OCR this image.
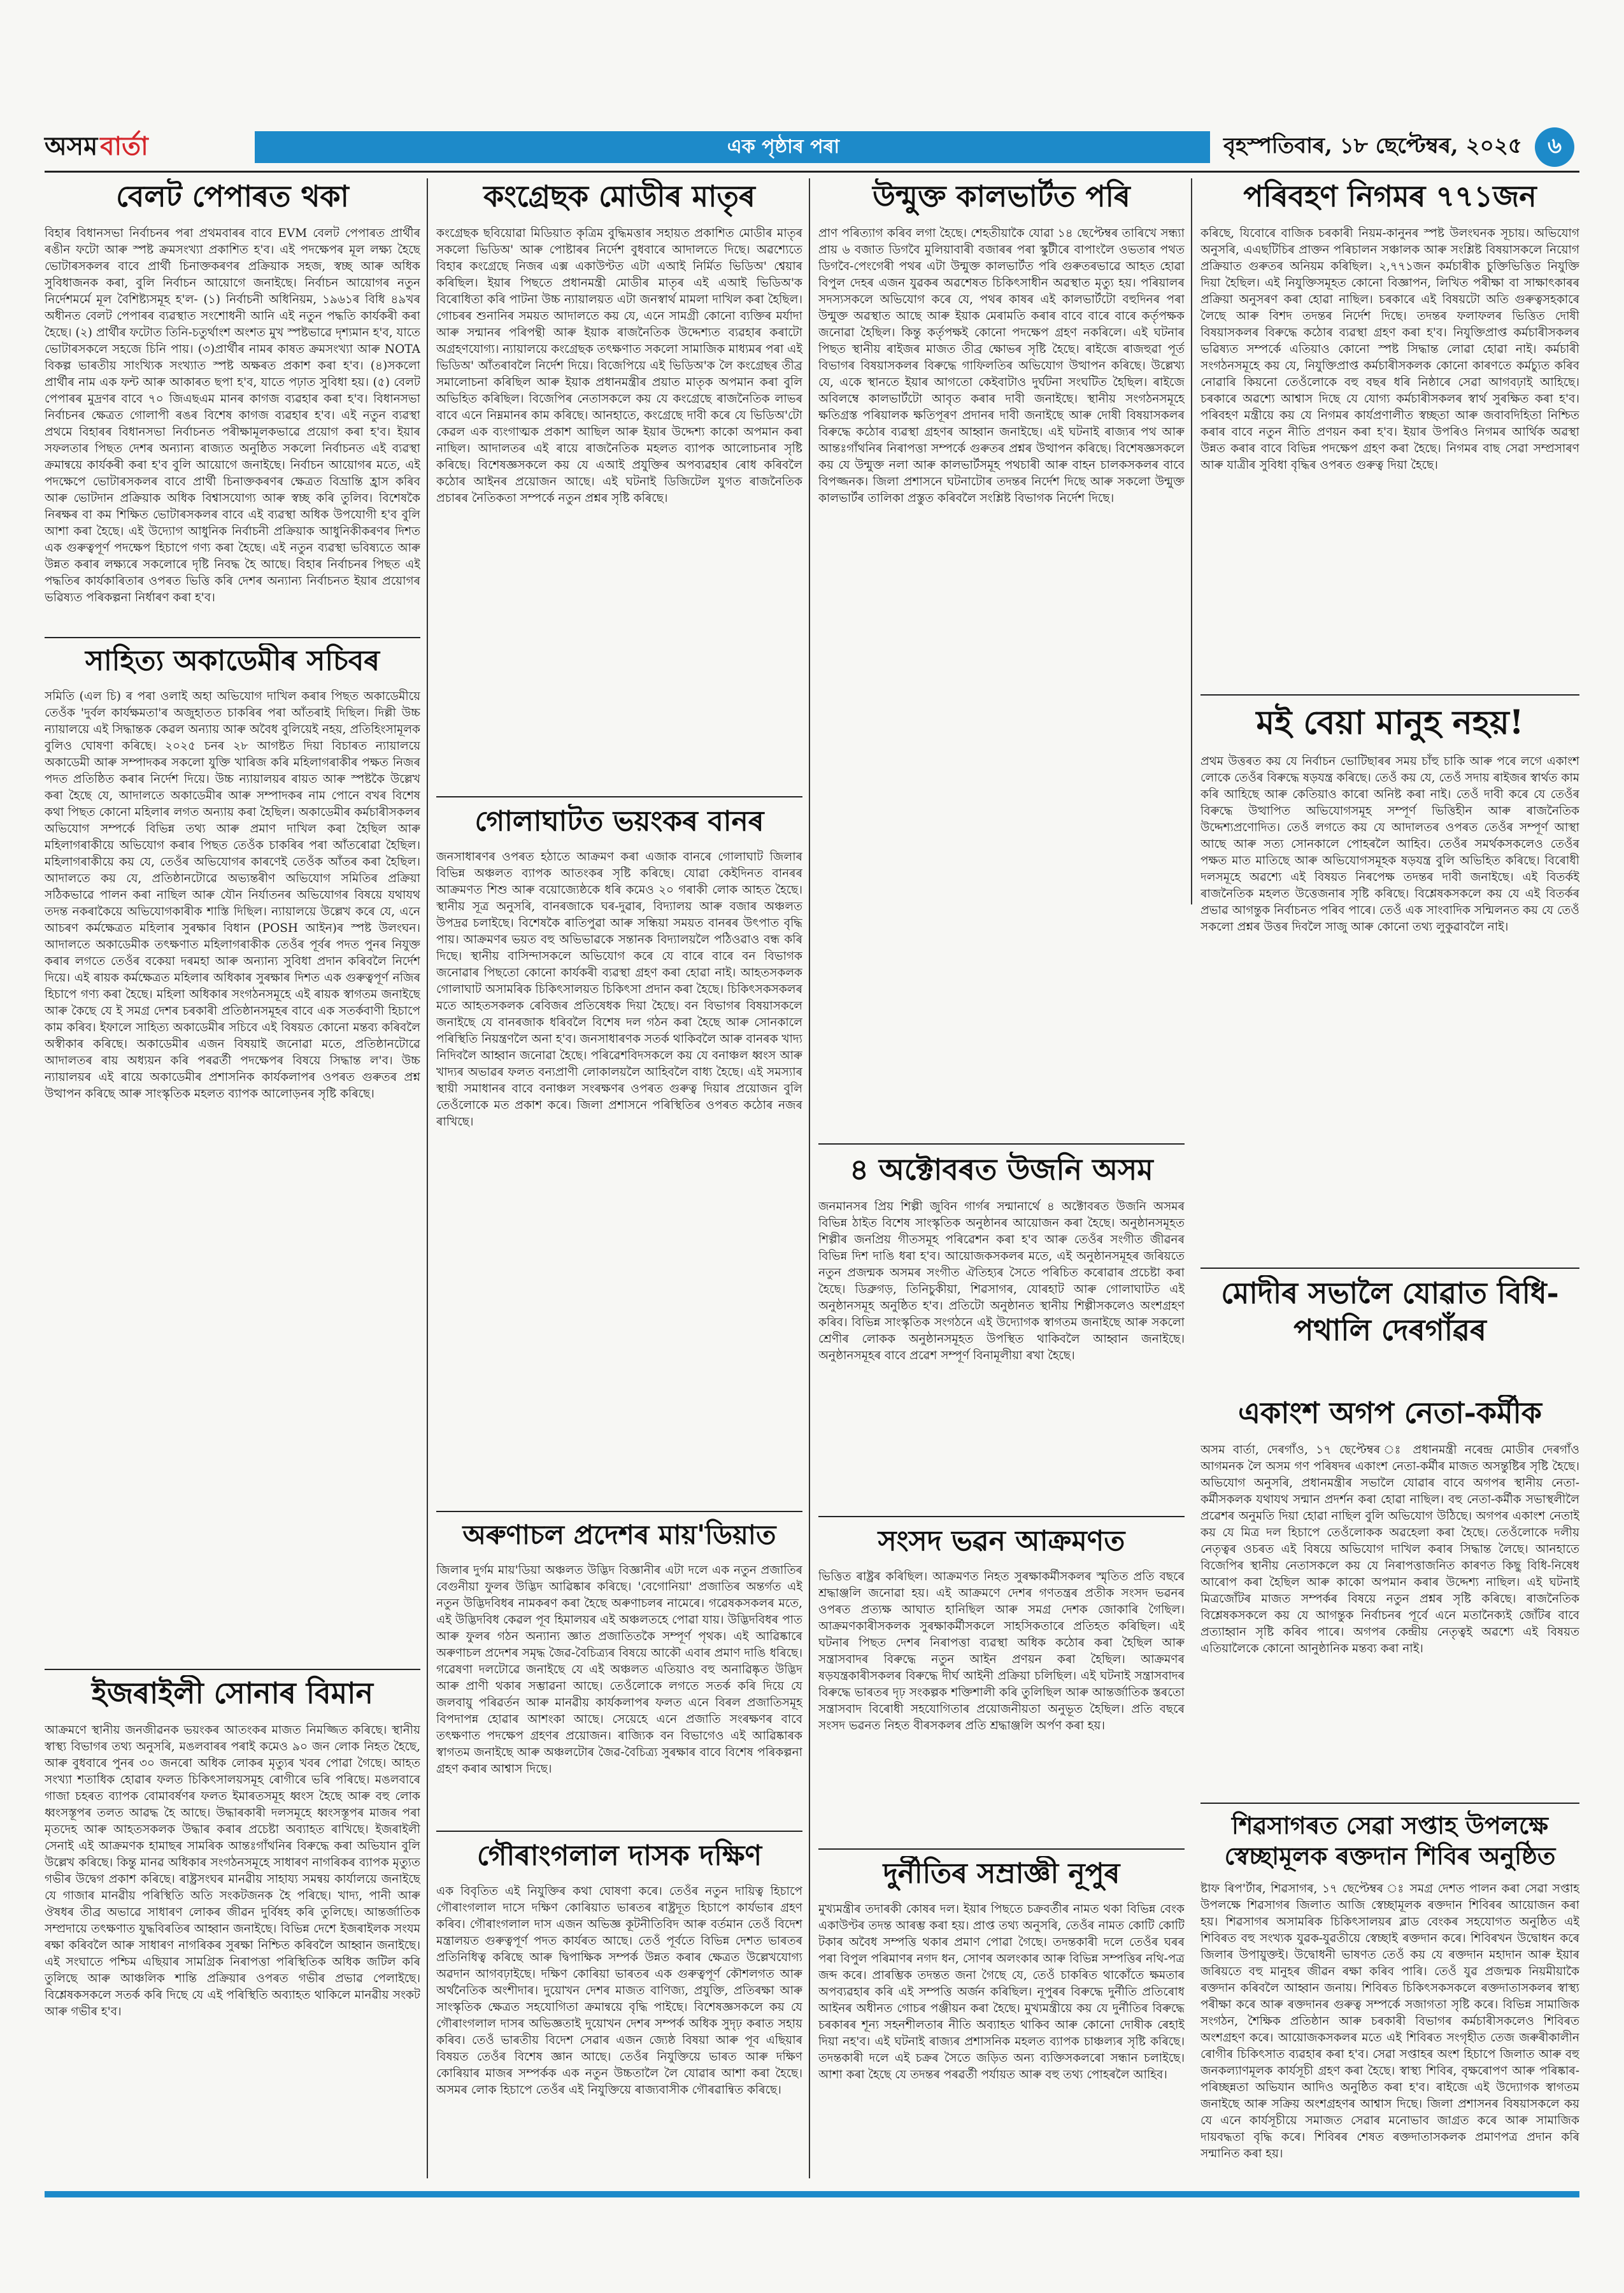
অসম বাৰ্তা	এক পৃষ্ঠাৰ পৰা	বৃহস্পতিবাৰ, ১৮ ছেপ্টেম্বৰ, ২০২৫	৬
বেলট পেপাৰত থকা
বিহাৰ বিধানসভা নিৰ্বাচনৰ পৰা প্ৰথমবাৰৰ বাবে EVM বেলট পেপাৰত প্ৰাৰ্থীৰ ৰঙীন ফটো আৰু স্পষ্ট ক্ৰমসংখ্যা প্ৰকাশিত হ'ব। এই পদক্ষেপৰ মূল লক্ষ্য হৈছে ভোটাৰসকলৰ বাবে প্ৰাৰ্থী চিনাক্তকৰণৰ প্ৰক্ৰিয়াক সহজ, স্বচ্ছ আৰু অধিক সুবিধাজনক কৰা, বুলি নিৰ্বাচন আয়োগে জনাইছে। নিৰ্বাচন আয়োগৰ নতুন নিৰ্দেশমৰ্মে মূল বৈশিষ্ট্যসমূহ হ'ল- (১) নিৰ্বাচনী অধিনিয়ম, ১৯৬১ৰ বিধি ৪৯খৰ অধীনত বেলট পেপাৰৰ ব্যৱস্থাত সংশোধনী আনি এই নতুন পদ্ধতি কাৰ্যকৰী কৰা হৈছে। (২) প্ৰাৰ্থীৰ ফটোত তিনি-চতুৰ্থাংশ অংশত মুখ স্পষ্টভাৱে দৃশ্যমান হ'ব, যাতে ভোটাৰসকলে সহজে চিনি পায়। (৩)প্ৰাৰ্থীৰ নামৰ কাষত ক্ৰমসংখ্যা আৰু NOTA বিকল্প ভাৰতীয় সাংখ্যিক সংখ্যাত স্পষ্ট অক্ষৰত প্ৰকাশ কৰা হ'ব। (৪)সকলো প্ৰাৰ্থীৰ নাম এক ফন্ট আৰু আকাৰত ছপা হ'ব, যাতে পঢ়াত সুবিধা হয়। (৫) বেলট পেপাৰৰ মুদ্ৰণৰ বাবে ৭০ জিএছএম মানৰ কাগজ ব্যৱহাৰ কৰা হ'ব। বিধানসভা নিৰ্বাচনৰ ক্ষেত্ৰত গোলাপী ৰঙৰ বিশেষ কাগজ ব্যৱহাৰ হ'ব। এই নতুন ব্যৱস্থা প্ৰথমে বিহাৰৰ বিধানসভা নিৰ্বাচনত পৰীক্ষামূলকভাৱে প্ৰয়োগ কৰা হ'ব। ইয়াৰ সফলতাৰ পিছত দেশৰ অন্যান্য ৰাজ্যত অনুষ্ঠিত সকলো নিৰ্বাচনত এই ব্যৱস্থা ক্ৰমান্বয়ে কাৰ্যকৰী কৰা হ'ব বুলি আয়োগে জনাইছে। নিৰ্বাচন আয়োগৰ মতে, এই পদক্ষেপে ভোটাৰসকলৰ বাবে প্ৰাৰ্থী চিনাক্তকৰণৰ ক্ষেত্ৰত বিভ্ৰান্তি হ্ৰাস কৰিব আৰু ভোটদান প্ৰক্ৰিয়াক অধিক বিশ্বাসযোগ্য আৰু স্বচ্ছ কৰি তুলিব। বিশেষকৈ নিৰক্ষৰ বা কম শিক্ষিত ভোটাৰসকলৰ বাবে এই ব্যৱস্থা অধিক উপযোগী হ'ব বুলি আশা কৰা হৈছে। এই উদ্যোগ আধুনিক নিৰ্বাচনী প্ৰক্ৰিয়াক আধুনিকীকৰণৰ দিশত এক গুৰুত্বপূৰ্ণ পদক্ষেপ হিচাপে গণ্য কৰা হৈছে। এই নতুন ব্যৱস্থা ভবিষ্যতে আৰু উন্নত কৰাৰ লক্ষ্যৰে সকলোৰে দৃষ্টি নিবদ্ধ হৈ আছে। বিহাৰ নিৰ্বাচনৰ পিছত এই পদ্ধতিৰ কাৰ্যকাৰিতাৰ ওপৰত ভিত্তি কৰি দেশৰ অন্যান্য নিৰ্বাচনত ইয়াৰ প্ৰয়োগৰ ভৱিষ্যত পৰিকল্পনা নিৰ্ধাৰণ কৰা হ'ব।
সাহিত্য অকাডেমীৰ সচিবৰ
সমিতি (এল চি) ৰ পৰা ওলাই অহা অভিযোগ দাখিল কৰাৰ পিছত অকাডেমীয়ে তেওঁক 'দুৰ্বল কাৰ্যক্ষমতা'ৰ অজুহাতত চাকৰিৰ পৰা আঁতৰাই দিছিল। দিল্লী উচ্চ ন্যায়ালয়ে এই সিদ্ধান্তক কেৱল অন্যায় আৰু অবৈধ বুলিয়েই নহয়, প্ৰতিহিংসামূলক বুলিও ঘোষণা কৰিছে। ২০২৫ চনৰ ২৮ আগষ্টত দিয়া বিচাৰত ন্যায়ালয়ে অকাডেমী আৰু সম্পাদকৰ সকলো যুক্তি খাৰিজ কৰি মহিলাগৰাকীৰ পক্ষত নিজৰ পদত প্ৰতিষ্ঠিত কৰাৰ নিৰ্দেশ দিয়ে। উচ্চ ন্যায়ালয়ৰ ৰায়ত আৰু স্পষ্টকৈ উল্লেখ কৰা হৈছে যে, আদালতে অকাডেমীৰ আৰু সম্পাদকৰ নাম পোনে বখৰ বিশেষ কথা পিছত কোনো মহিলাৰ লগত অন্যায় কৰা হৈছিল। অকাডেমীৰ কৰ্মচাৰীসকলৰ অভিযোগ সম্পৰ্কে বিভিন্ন তথ্য আৰু প্ৰমাণ দাখিল কৰা হৈছিল আৰু মহিলাগৰাকীয়ে অভিযোগ কৰাৰ পিছত তেওঁক চাকৰিৰ পৰা আঁতৰোৱা হৈছিল। মহিলাগৰাকীয়ে কয় যে, তেওঁৰ অভিযোগৰ কাৰণেই তেওঁক আঁতৰ কৰা হৈছিল। আদালতে কয় যে, প্ৰতিষ্ঠানটোৱে অভ্যন্তৰীণ অভিযোগ সমিতিৰ প্ৰক্ৰিয়া সঠিকভাৱে পালন কৰা নাছিল আৰু যৌন নিৰ্যাতনৰ অভিযোগৰ বিষয়ে যথাযথ তদন্ত নকৰাকৈয়ে অভিযোগকাৰীক শাস্তি দিছিল। ন্যায়ালয়ে উল্লেখ কৰে যে, এনে আচৰণ কৰ্মক্ষেত্ৰত মহিলাৰ সুৰক্ষাৰ বিধান (POSH আইন)ৰ স্পষ্ট উলংঘন। আদালতে অকাডেমীক তৎক্ষণাত মহিলাগৰাকীক তেওঁৰ পূৰ্বৰ পদত পুনৰ নিযুক্ত কৰাৰ লগতে তেওঁৰ বকেয়া দৰমহা আৰু অন্যান্য সুবিধা প্ৰদান কৰিবলৈ নিৰ্দেশ দিয়ে। এই ৰায়ক কৰ্মক্ষেত্ৰত মহিলাৰ অধিকাৰ সুৰক্ষাৰ দিশত এক গুৰুত্বপূৰ্ণ নজিৰ হিচাপে গণ্য কৰা হৈছে। মহিলা অধিকাৰ সংগঠনসমূহে এই ৰায়ক স্বাগতম জনাইছে আৰু কৈছে যে ই সমগ্ৰ দেশৰ চৰকাৰী প্ৰতিষ্ঠানসমূহৰ বাবে এক সতৰ্কবাণী হিচাপে কাম কৰিব। ইফালে সাহিত্য অকাডেমীৰ সচিবে এই বিষয়ত কোনো মন্তব্য কৰিবলৈ অস্বীকাৰ কৰিছে। অকাডেমীৰ এজন বিষয়াই জনোৱা মতে, প্ৰতিষ্ঠানটোৱে আদালতৰ ৰায় অধ্যয়ন কৰি পৰৱৰ্তী পদক্ষেপৰ বিষয়ে সিদ্ধান্ত ল'ব। উচ্চ ন্যায়ালয়ৰ এই ৰায়ে অকাডেমীৰ প্ৰশাসনিক কাৰ্যকলাপৰ ওপৰত গুৰুতৰ প্ৰশ্ন উত্থাপন কৰিছে আৰু সাংস্কৃতিক মহলত ব্যাপক আলোড়নৰ সৃষ্টি কৰিছে।
ইজৰাইলী সোনাৰ বিমান
আক্ৰমণে স্থানীয় জনজীৱনক ভয়ংকৰ আতংকৰ মাজত নিমজ্জিত কৰিছে। স্থানীয় স্বাস্থ্য বিভাগৰ তথ্য অনুসৰি, মঙলবাৰৰ পৰাই কমেও ৯০ জন লোক নিহত হৈছে, আৰু বুধবাৰে পুনৰ ৩০ জনৰো অধিক লোকৰ মৃত্যুৰ খবৰ পোৱা গৈছে। আহত সংখ্যা শতাধিক হোৱাৰ ফলত চিকিৎসালয়সমূহ ৰোগীৰে ভৰি পৰিছে। মঙলবাৰে গাজা চহৰত ব্যাপক বোমাবৰ্ষণৰ ফলত ইমাৰতসমূহ ধ্বংস হৈছে আৰু বহু লোক ধ্বংসস্তূপৰ তলত আৱদ্ধ হৈ আছে। উদ্ধাৰকাৰী দলসমূহে ধ্বংসস্তূপৰ মাজৰ পৰা মৃতদেহ আৰু আহতসকলক উদ্ধাৰ কৰাৰ প্ৰচেষ্টা অব্যাহত ৰাখিছে। ইজৰাইলী সেনাই এই আক্ৰমণক হামাছৰ সামৰিক আন্তঃগাঁথনিৰ বিৰুদ্ধে কৰা অভিযান বুলি উল্লেখ কৰিছে। কিন্তু মানৱ অধিকাৰ সংগঠনসমূহে সাধাৰণ নাগৰিকৰ ব্যাপক মৃত্যুত গভীৰ উদ্বেগ প্ৰকাশ কৰিছে। ৰাষ্ট্ৰসংঘৰ মানৱীয় সাহায্য সমন্বয় কাৰ্যালয়ে জনাইছে যে গাজাৰ মানৱীয় পৰিস্থিতি অতি সংকটজনক হৈ পৰিছে। খাদ্য, পানী আৰু ঔষধৰ তীব্ৰ অভাৱে সাধাৰণ লোকৰ জীৱন দুৰ্বিষহ কৰি তুলিছে। আন্তৰ্জাতিক সম্প্ৰদায়ে তৎক্ষণাত যুদ্ধবিৰতিৰ আহ্বান জনাইছে। বিভিন্ন দেশে ইজৰাইলক সংযম ৰক্ষা কৰিবলৈ আৰু সাধাৰণ নাগৰিকৰ সুৰক্ষা নিশ্চিত কৰিবলৈ আহ্বান জনাইছে। এই সংঘাতে পশ্চিম এছিয়াৰ সামগ্ৰিক নিৰাপত্তা পৰিস্থিতিক অধিক জটিল কৰি তুলিছে আৰু আঞ্চলিক শান্তি প্ৰক্ৰিয়াৰ ওপৰত গভীৰ প্ৰভাৱ পেলাইছে। বিশ্লেষকসকলে সতৰ্ক কৰি দিছে যে এই পৰিস্থিতি অব্যাহত থাকিলে মানৱীয় সংকট আৰু গভীৰ হ'ব।
কংগ্ৰেছক মোডীৰ মাতৃৰ
কংগ্ৰেছক ছবিয়োৱা মিডিয়াত কৃত্ৰিম বুদ্ধিমত্তাৰ সহায়ত প্ৰকাশিত মোডীৰ মাতৃৰ সকলো ভিডিঅ' আৰু পোষ্টাৰৰ নিৰ্দেশ বুধবাৰে আদালতে দিছে। অৱশ্যেতে বিহাৰ কংগ্ৰেছে নিজৰ এক্স একাউণ্টত এটা এআই নিৰ্মিত ভিডিঅ' শ্বেয়াৰ কৰিছিল। ইয়াৰ পিছতে প্ৰধানমন্ত্ৰী মোডীৰ মাতৃৰ এই এআই ভিডিঅ'ক বিৰোধিতা কৰি পাটনা উচ্চ ন্যায়ালয়ত এটা জনস্বাৰ্থ মামলা দাখিল কৰা হৈছিল। গোচৰৰ শুনানিৰ সময়ত আদালতে কয় যে, এনে সামগ্ৰী কোনো ব্যক্তিৰ মৰ্যাদা আৰু সন্মানৰ পৰিপন্থী আৰু ইয়াক ৰাজনৈতিক উদ্দেশ্যত ব্যৱহাৰ কৰাটো অগ্ৰহণযোগ্য। ন্যায়ালয়ে কংগ্ৰেছক তৎক্ষণাত সকলো সামাজিক মাধ্যমৰ পৰা এই ভিডিঅ' আঁতৰাবলৈ নিৰ্দেশ দিয়ে। বিজেপিয়ে এই ভিডিঅ'ক লৈ কংগ্ৰেছৰ তীব্ৰ সমালোচনা কৰিছিল আৰু ইয়াক প্ৰধানমন্ত্ৰীৰ প্ৰয়াত মাতৃক অপমান কৰা বুলি অভিহিত কৰিছিল। বিজেপিৰ নেতাসকলে কয় যে কংগ্ৰেছে ৰাজনৈতিক লাভৰ বাবে এনে নিম্নমানৰ কাম কৰিছে। আনহাতে, কংগ্ৰেছে দাবী কৰে যে ভিডিঅ'টো কেৱল এক ব্যংগাত্মক প্ৰকাশ আছিল আৰু ইয়াৰ উদ্দেশ্য কাকো অপমান কৰা নাছিল। আদালতৰ এই ৰায়ে ৰাজনৈতিক মহলত ব্যাপক আলোচনাৰ সৃষ্টি কৰিছে। বিশেষজ্ঞসকলে কয় যে এআই প্ৰযুক্তিৰ অপব্যৱহাৰ ৰোধ কৰিবলৈ কঠোৰ আইনৰ প্ৰয়োজন আছে। এই ঘটনাই ডিজিটেল যুগত ৰাজনৈতিক প্ৰচাৰৰ নৈতিকতা সম্পৰ্কে নতুন প্ৰশ্নৰ সৃষ্টি কৰিছে।
গোলাঘাটত ভয়ংকৰ বানৰ
জনসাধাৰণৰ ওপৰত হঠাতে আক্ৰমণ কৰা এজাক বানৰে গোলাঘাট জিলাৰ বিভিন্ন অঞ্চলত ব্যাপক আতংকৰ সৃষ্টি কৰিছে। যোৱা কেইদিনত বানৰৰ আক্ৰমণত শিশু আৰু বয়োজ্যেষ্ঠকে ধৰি কমেও ২০ গৰাকী লোক আহত হৈছে। স্থানীয় সূত্ৰ অনুসৰি, বানৰজাকে ঘৰ-দুৱাৰ, বিদ্যালয় আৰু বজাৰ অঞ্চলত উপদ্ৰৱ চলাইছে। বিশেষকৈ ৰাতিপুৱা আৰু সন্ধিয়া সময়ত বানৰৰ উৎপাত বৃদ্ধি পায়। আক্ৰমণৰ ভয়ত বহু অভিভাৱকে সন্তানক বিদ্যালয়লৈ পঠিওৱাও বন্ধ কৰি দিছে। স্থানীয় বাসিন্দাসকলে অভিযোগ কৰে যে বাৰে বাৰে বন বিভাগক জনোৱাৰ পিছতো কোনো কাৰ্যকৰী ব্যৱস্থা গ্ৰহণ কৰা হোৱা নাই। আহতসকলক গোলাঘাট অসামৰিক চিকিৎসালয়ত চিকিৎসা প্ৰদান কৰা হৈছে। চিকিৎসকসকলৰ মতে আহতসকলক ৰেবিজৰ প্ৰতিষেধক দিয়া হৈছে। বন বিভাগৰ বিষয়াসকলে জনাইছে যে বানৰজাক ধৰিবলৈ বিশেষ দল গঠন কৰা হৈছে আৰু সোনকালে পৰিস্থিতি নিয়ন্ত্ৰণলৈ অনা হ'ব। জনসাধাৰণক সতৰ্ক থাকিবলৈ আৰু বানৰক খাদ্য নিদিবলৈ আহ্বান জনোৱা হৈছে। পৰিৱেশবিদসকলে কয় যে বনাঞ্চল ধ্বংস আৰু খাদ্যৰ অভাৱৰ ফলত বন্যপ্ৰাণী লোকালয়লৈ আহিবলৈ বাধ্য হৈছে। এই সমস্যাৰ স্থায়ী সমাধানৰ বাবে বনাঞ্চল সংৰক্ষণৰ ওপৰত গুৰুত্ব দিয়াৰ প্ৰয়োজন বুলি তেওঁলোকে মত প্ৰকাশ কৰে। জিলা প্ৰশাসনে পৰিস্থিতিৰ ওপৰত কঠোৰ নজৰ ৰাখিছে।
অৰুণাচল প্ৰদেশৰ মায়'ডিয়াত
জিলাৰ দুৰ্গম মায়'ডিয়া অঞ্চলত উদ্ভিদ বিজ্ঞানীৰ এটা দলে এক নতুন প্ৰজাতিৰ বেগুনীয়া ফুলৰ উদ্ভিদ আৱিষ্কাৰ কৰিছে। 'বেগোনিয়া' প্ৰজাতিৰ অন্তৰ্গত এই নতুন উদ্ভিদবিধৰ নামকৰণ কৰা হৈছে অৰুণাচলৰ নামেৰে। গৱেষকসকলৰ মতে, এই উদ্ভিদবিধ কেৱল পূব হিমালয়ৰ এই অঞ্চলতহে পোৱা যায়। উদ্ভিদবিধৰ পাত আৰু ফুলৰ গঠন অন্যান্য জ্ঞাত প্ৰজাতিতকৈ সম্পূৰ্ণ পৃথক। এই আৱিষ্কাৰে অৰুণাচল প্ৰদেশৰ সমৃদ্ধ জৈৱ-বৈচিত্ৰ্যৰ বিষয়ে আকৌ এবাৰ প্ৰমাণ দাঙি ধৰিছে। গৱেষণা দলটোৱে জনাইছে যে এই অঞ্চলত এতিয়াও বহু অনাৱিষ্কৃত উদ্ভিদ আৰু প্ৰাণী থকাৰ সম্ভাৱনা আছে। তেওঁলোকে লগতে সতৰ্ক কৰি দিয়ে যে জলবায়ু পৰিৱৰ্তন আৰু মানৱীয় কাৰ্যকলাপৰ ফলত এনে বিৰল প্ৰজাতিসমূহ বিপদাপন্ন হোৱাৰ আশংকা আছে। সেয়েহে এনে প্ৰজাতি সংৰক্ষণৰ বাবে তৎক্ষণাত পদক্ষেপ গ্ৰহণৰ প্ৰয়োজন। ৰাজ্যিক বন বিভাগেও এই আৱিষ্কাৰক স্বাগতম জনাইছে আৰু অঞ্চলটোৰ জৈৱ-বৈচিত্ৰ্য সুৰক্ষাৰ বাবে বিশেষ পৰিকল্পনা গ্ৰহণ কৰাৰ আশ্বাস দিছে।
গৌৰাংগলাল দাসক দক্ষিণ
এক বিবৃতিত এই নিযুক্তিৰ কথা ঘোষণা কৰে। তেওঁৰ নতুন দায়িত্ব হিচাপে গৌৰাংগলাল দাসে দক্ষিণ কোৰিয়াত ভাৰতৰ ৰাষ্ট্ৰদূত হিচাপে কাৰ্যভাৰ গ্ৰহণ কৰিব। গৌৰাংগলাল দাস এজন অভিজ্ঞ কূটনীতিবিদ আৰু বৰ্তমান তেওঁ বিদেশ মন্ত্ৰালয়ত গুৰুত্বপূৰ্ণ পদত কাৰ্যৰত আছে। তেওঁ পূৰ্বতে বিভিন্ন দেশত ভাৰতৰ প্ৰতিনিধিত্ব কৰিছে আৰু দ্বিপাক্ষিক সম্পৰ্ক উন্নত কৰাৰ ক্ষেত্ৰত উল্লেখযোগ্য অৱদান আগবঢ়াইছে। দক্ষিণ কোৰিয়া ভাৰতৰ এক গুৰুত্বপূৰ্ণ কৌশলগত আৰু অৰ্থনৈতিক অংশীদাৰ। দুয়োখন দেশৰ মাজত বাণিজ্য, প্ৰযুক্তি, প্ৰতিৰক্ষা আৰু সাংস্কৃতিক ক্ষেত্ৰত সহযোগিতা ক্ৰমান্বয়ে বৃদ্ধি পাইছে। বিশেষজ্ঞসকলে কয় যে গৌৰাংগলাল দাসৰ অভিজ্ঞতাই দুয়োখন দেশৰ সম্পৰ্ক অধিক সুদৃঢ় কৰাত সহায় কৰিব। তেওঁ ভাৰতীয় বিদেশ সেৱাৰ এজন জ্যেষ্ঠ বিষয়া আৰু পূব এছিয়াৰ বিষয়ত তেওঁৰ বিশেষ জ্ঞান আছে। তেওঁৰ নিযুক্তিয়ে ভাৰত আৰু দক্ষিণ কোৰিয়াৰ মাজৰ সম্পৰ্কক এক নতুন উচ্চতালৈ লৈ যোৱাৰ আশা কৰা হৈছে। অসমৰ লোক হিচাপে তেওঁৰ এই নিযুক্তিয়ে ৰাজ্যবাসীক গৌৰৱান্বিত কৰিছে।
উন্মুক্ত কালভাৰ্টত পৰি
প্ৰাণ পৰিত্যাগ কৰিব লগা হৈছে। শেহতীয়াকৈ যোৱা ১৪ ছেপ্টেম্বৰ তাৰিখে সন্ধ্যা প্ৰায় ৬ বজাত ডিগবৈ মুলিয়াবাৰী বজাৰৰ পৰা স্কুটীৰে বাপাংলৈ ওভতাৰ পথত ডিগবৈ-পেংগেৰী পথৰ এটা উন্মুক্ত কালভাৰ্টত পৰি গুৰুতৰভাৱে আহত হোৱা বিপুল দেহৰ এজন যুৱকৰ অৱশেষত চিকিৎসাধীন অৱস্থাত মৃত্যু হয়। পৰিয়ালৰ সদস্যসকলে অভিযোগ কৰে যে, পথৰ কাষৰ এই কালভাৰ্টটো বহুদিনৰ পৰা উন্মুক্ত অৱস্থাত আছে আৰু ইয়াক মেৰামতি কৰাৰ বাবে বাৰে বাৰে কৰ্তৃপক্ষক জনোৱা হৈছিল। কিন্তু কৰ্তৃপক্ষই কোনো পদক্ষেপ গ্ৰহণ নকৰিলে। এই ঘটনাৰ পিছত স্থানীয় ৰাইজৰ মাজত তীব্ৰ ক্ষোভৰ সৃষ্টি হৈছে। ৰাইজে ৰাজহুৱা পূৰ্ত বিভাগৰ বিষয়াসকলৰ বিৰুদ্ধে গাফিলতিৰ অভিযোগ উত্থাপন কৰিছে। উল্লেখ্য যে, একে স্থানতে ইয়াৰ আগতো কেইবাটাও দুৰ্ঘটনা সংঘটিত হৈছিল। ৰাইজে অবিলম্বে কালভাৰ্টটো আবৃত কৰাৰ দাবী জনাইছে। স্থানীয় সংগঠনসমূহে ক্ষতিগ্ৰস্ত পৰিয়ালক ক্ষতিপূৰণ প্ৰদানৰ দাবী জনাইছে আৰু দোষী বিষয়াসকলৰ বিৰুদ্ধে কঠোৰ ব্যৱস্থা গ্ৰহণৰ আহ্বান জনাইছে। এই ঘটনাই ৰাজ্যৰ পথ আৰু আন্তঃগাঁথনিৰ নিৰাপত্তা সম্পৰ্কে গুৰুতৰ প্ৰশ্নৰ উত্থাপন কৰিছে। বিশেষজ্ঞসকলে কয় যে উন্মুক্ত নলা আৰু কালভাৰ্টসমূহ পথচাৰী আৰু বাহন চালকসকলৰ বাবে বিপজ্জনক। জিলা প্ৰশাসনে ঘটনাটোৰ তদন্তৰ নিৰ্দেশ দিছে আৰু সকলো উন্মুক্ত কালভাৰ্টৰ তালিকা প্ৰস্তুত কৰিবলৈ সংশ্লিষ্ট বিভাগক নিৰ্দেশ দিছে।
৪ অক্টোবৰত উজনি অসম
জনমানসৰ প্ৰিয় শিল্পী জুবিন গাৰ্গৰ সন্মানাৰ্থে ৪ অক্টোবৰত উজনি অসমৰ বিভিন্ন ঠাইত বিশেষ সাংস্কৃতিক অনুষ্ঠানৰ আয়োজন কৰা হৈছে। অনুষ্ঠানসমূহত শিল্পীৰ জনপ্ৰিয় গীতসমূহ পৰিৱেশন কৰা হ'ব আৰু তেওঁৰ সংগীত জীৱনৰ বিভিন্ন দিশ দাঙি ধৰা হ'ব। আয়োজকসকলৰ মতে, এই অনুষ্ঠানসমূহৰ জৰিয়তে নতুন প্ৰজন্মক অসমৰ সংগীত ঐতিহ্যৰ সৈতে পৰিচিত কৰোৱাৰ প্ৰচেষ্টা কৰা হৈছে। ডিব্ৰুগড়, তিনিচুকীয়া, শিৱসাগৰ, যোৰহাট আৰু গোলাঘাটত এই অনুষ্ঠানসমূহ অনুষ্ঠিত হ'ব। প্ৰতিটো অনুষ্ঠানত স্থানীয় শিল্পীসকলেও অংশগ্ৰহণ কৰিব। বিভিন্ন সাংস্কৃতিক সংগঠনে এই উদ্যোগক স্বাগতম জনাইছে আৰু সকলো শ্ৰেণীৰ লোকক অনুষ্ঠানসমূহত উপস্থিত থাকিবলৈ আহ্বান জনাইছে। অনুষ্ঠানসমূহৰ বাবে প্ৰৱেশ সম্পূৰ্ণ বিনামূলীয়া ৰখা হৈছে।
সংসদ ভৱন আক্ৰমণত
ভিত্তিত ৰাষ্ট্ৰৰ কৰিছিল। আক্ৰমণত নিহত সুৰক্ষাকৰ্মীসকলৰ স্মৃতিত প্ৰতি বছৰে শ্ৰদ্ধাঞ্জলি জনোৱা হয়। এই আক্ৰমণে দেশৰ গণতন্ত্ৰৰ প্ৰতীক সংসদ ভৱনৰ ওপৰত প্ৰত্যক্ষ আঘাত হানিছিল আৰু সমগ্ৰ দেশক জোকাৰি গৈছিল। আক্ৰমণকাৰীসকলক সুৰক্ষাকৰ্মীসকলে সাহসিকতাৰে প্ৰতিহত কৰিছিল। এই ঘটনাৰ পিছত দেশৰ নিৰাপত্তা ব্যৱস্থা অধিক কঠোৰ কৰা হৈছিল আৰু সন্ত্ৰাসবাদৰ বিৰুদ্ধে নতুন আইন প্ৰণয়ন কৰা হৈছিল। আক্ৰমণৰ ষড়যন্ত্ৰকাৰীসকলৰ বিৰুদ্ধে দীৰ্ঘ আইনী প্ৰক্ৰিয়া চলিছিল। এই ঘটনাই সন্ত্ৰাসবাদৰ বিৰুদ্ধে ভাৰতৰ দৃঢ় সংকল্পক শক্তিশালী কৰি তুলিছিল আৰু আন্তৰ্জাতিক স্তৰতো সন্ত্ৰাসবাদ বিৰোধী সহযোগিতাৰ প্ৰয়োজনীয়তা অনুভূত হৈছিল। প্ৰতি বছৰে সংসদ ভৱনত নিহত বীৰসকলৰ প্ৰতি শ্ৰদ্ধাঞ্জলি অৰ্পণ কৰা হয়।
দুৰ্নীতিৰ সম্ৰাজ্ঞী নূপুৰ
মুখ্যমন্ত্ৰীৰ তদাৰকী কোষৰ দল। ইয়াৰ পিছতে চক্ৰবৰ্তীৰ নামত থকা বিভিন্ন বেংক একাউণ্টৰ তদন্ত আৰম্ভ কৰা হয়। প্ৰাপ্ত তথ্য অনুসৰি, তেওঁৰ নামত কোটি কোটি টকাৰ অবৈধ সম্পত্তি থকাৰ প্ৰমাণ পোৱা গৈছে। তদন্তকাৰী দলে তেওঁৰ ঘৰৰ পৰা বিপুল পৰিমাণৰ নগদ ধন, সোণৰ অলংকাৰ আৰু বিভিন্ন সম্পত্তিৰ নথি-পত্ৰ জব্দ কৰে। প্ৰাৰম্ভিক তদন্তত জনা গৈছে যে, তেওঁ চাকৰিত থাকোঁতে ক্ষমতাৰ অপব্যৱহাৰ কৰি এই সম্পত্তি অৰ্জন কৰিছিল। নূপুৰৰ বিৰুদ্ধে দুৰ্নীতি প্ৰতিৰোধ আইনৰ অধীনত গোচৰ পঞ্জীয়ন কৰা হৈছে। মুখ্যমন্ত্ৰীয়ে কয় যে দুৰ্নীতিৰ বিৰুদ্ধে চৰকাৰৰ শূন্য সহনশীলতাৰ নীতি অব্যাহত থাকিব আৰু কোনো দোষীক ৰেহাই দিয়া নহ'ব। এই ঘটনাই ৰাজ্যৰ প্ৰশাসনিক মহলত ব্যাপক চাঞ্চল্যৰ সৃষ্টি কৰিছে। তদন্তকাৰী দলে এই চক্ৰৰ সৈতে জড়িত অন্য ব্যক্তিসকলৰো সন্ধান চলাইছে। আশা কৰা হৈছে যে তদন্তৰ পৰৱৰ্তী পৰ্যায়ত আৰু বহু তথ্য পোহৰলৈ আহিব।
পৰিবহণ নিগমৰ ৭৭১জন
কৰিছে, যিবোৰে বাজিক চৰকাৰী নিয়ম-কানুনৰ স্পষ্ট উলংঘনক সূচায়। অভিযোগ অনুসৰি, এএছটিচিৰ প্ৰাক্তন পৰিচালন সঞ্চালক আৰু সংশ্লিষ্ট বিষয়াসকলে নিয়োগ প্ৰক্ৰিয়াত গুৰুতৰ অনিয়ম কৰিছিল। ২,৭৭১জন কৰ্মচাৰীক চুক্তিভিত্তিত নিযুক্তি দিয়া হৈছিল। এই নিযুক্তিসমূহত কোনো বিজ্ঞাপন, লিখিত পৰীক্ষা বা সাক্ষাৎকাৰৰ প্ৰক্ৰিয়া অনুসৰণ কৰা হোৱা নাছিল। চৰকাৰে এই বিষয়টো অতি গুৰুত্বসহকাৰে লৈছে আৰু বিশদ তদন্তৰ নিৰ্দেশ দিছে। তদন্তৰ ফলাফলৰ ভিত্তিত দোষী বিষয়াসকলৰ বিৰুদ্ধে কঠোৰ ব্যৱস্থা গ্ৰহণ কৰা হ'ব। নিযুক্তিপ্ৰাপ্ত কৰ্মচাৰীসকলৰ ভৱিষ্যত সম্পৰ্কে এতিয়াও কোনো স্পষ্ট সিদ্ধান্ত লোৱা হোৱা নাই। কৰ্মচাৰী সংগঠনসমূহে কয় যে, নিযুক্তিপ্ৰাপ্ত কৰ্মচাৰীসকলক কোনো কাৰণতে কৰ্মচ্যুত কৰিব নোৱাৰি কিয়নো তেওঁলোকে বহু বছৰ ধৰি নিষ্ঠাৰে সেৱা আগবঢ়াই আহিছে। চৰকাৰে অৱশ্যে আশ্বাস দিছে যে যোগ্য কৰ্মচাৰীসকলৰ স্বাৰ্থ সুৰক্ষিত কৰা হ'ব। পৰিবহণ মন্ত্ৰীয়ে কয় যে নিগমৰ কাৰ্যপ্ৰণালীত স্বচ্ছতা আৰু জবাবদিহিতা নিশ্চিত কৰাৰ বাবে নতুন নীতি প্ৰণয়ন কৰা হ'ব। ইয়াৰ উপৰিও নিগমৰ আৰ্থিক অৱস্থা উন্নত কৰাৰ বাবে বিভিন্ন পদক্ষেপ গ্ৰহণ কৰা হৈছে। নিগমৰ বাছ সেৱা সম্প্ৰসাৰণ আৰু যাত্ৰীৰ সুবিধা বৃদ্ধিৰ ওপৰত গুৰুত্ব দিয়া হৈছে।
মই বেয়া মানুহ নহয়!
প্ৰথম উত্তৰত কয় যে নিৰ্বাচন ভোটিছাৰৰ সময় চাঁহু চাকি আৰু পৰে লগে একাংশ লোকে তেওঁৰ বিৰুদ্ধে ষড়যন্ত্ৰ কৰিছে। তেওঁ কয় যে, তেওঁ সদায় ৰাইজৰ স্বাৰ্থত কাম কৰি আহিছে আৰু কেতিয়াও কাৰো অনিষ্ট কৰা নাই। তেওঁ দাবী কৰে যে তেওঁৰ বিৰুদ্ধে উত্থাপিত অভিযোগসমূহ সম্পূৰ্ণ ভিত্তিহীন আৰু ৰাজনৈতিক উদ্দেশ্যপ্ৰণোদিত। তেওঁ লগতে কয় যে আদালতৰ ওপৰত তেওঁৰ সম্পূৰ্ণ আস্থা আছে আৰু সত্য সোনকালে পোহৰলৈ আহিব। তেওঁৰ সমৰ্থকসকলেও তেওঁৰ পক্ষত মাত মাতিছে আৰু অভিযোগসমূহক ষড়যন্ত্ৰ বুলি অভিহিত কৰিছে। বিৰোধী দলসমূহে অৱশ্যে এই বিষয়ত নিৰপেক্ষ তদন্তৰ দাবী জনাইছে। এই বিতৰ্কই ৰাজনৈতিক মহলত উত্তেজনাৰ সৃষ্টি কৰিছে। বিশ্লেষকসকলে কয় যে এই বিতৰ্কৰ প্ৰভাৱ আগন্তুক নিৰ্বাচনত পৰিব পাৰে। তেওঁ এক সাংবাদিক সন্মিলনত কয় যে তেওঁ সকলো প্ৰশ্নৰ উত্তৰ দিবলৈ সাজু আৰু কোনো তথ্য লুকুৱাবলৈ নাই।
মোদীৰ সভালৈ যোৱাত বিধি-পথালি দেৰগাঁৱৰ
একাংশ অগপ নেতা-কৰ্মীক
অসম বাৰ্তা, দেৰগাঁও, ১৭ ছেপ্টেম্বৰ ঃ প্ৰধানমন্ত্ৰী নৰেন্দ্ৰ মোডীৰ দেৰগাঁও আগমনক লৈ অসম গণ পৰিষদৰ একাংশ নেতা-কৰ্মীৰ মাজত অসন্তুষ্টিৰ সৃষ্টি হৈছে। অভিযোগ অনুসৰি, প্ৰধানমন্ত্ৰীৰ সভালৈ যোৱাৰ বাবে অগপৰ স্থানীয় নেতা-কৰ্মীসকলক যথাযথ সন্মান প্ৰদৰ্শন কৰা হোৱা নাছিল। বহু নেতা-কৰ্মীক সভাস্থলীলৈ প্ৰৱেশৰ অনুমতি দিয়া হোৱা নাছিল বুলি অভিযোগ উঠিছে। অগপৰ একাংশ নেতাই কয় যে মিত্ৰ দল হিচাপে তেওঁলোকক অৱহেলা কৰা হৈছে। তেওঁলোকে দলীয় নেতৃত্বৰ ওচৰত এই বিষয়ে অভিযোগ দাখিল কৰাৰ সিদ্ধান্ত লৈছে। আনহাতে বিজেপিৰ স্থানীয় নেতাসকলে কয় যে নিৰাপত্তাজনিত কাৰণত কিছু বিধি-নিষেধ আৰোপ কৰা হৈছিল আৰু কাকো অপমান কৰাৰ উদ্দেশ্য নাছিল। এই ঘটনাই মিত্ৰজোঁটৰ মাজত সম্পৰ্কৰ বিষয়ে নতুন প্ৰশ্নৰ সৃষ্টি কৰিছে। ৰাজনৈতিক বিশ্লেষকসকলে কয় যে আগন্তুক নিৰ্বাচনৰ পূৰ্বে এনে মতানৈক্যই জোঁটৰ বাবে প্ৰত্যাহ্বান সৃষ্টি কৰিব পাৰে। অগপৰ কেন্দ্ৰীয় নেতৃত্বই অৱশ্যে এই বিষয়ত এতিয়ালৈকে কোনো আনুষ্ঠানিক মন্তব্য কৰা নাই।
শিৱসাগৰত সেৱা সপ্তাহ উপলক্ষে স্বেচ্ছামূলক ৰক্তদান শিবিৰ অনুষ্ঠিত
ষ্টাফ ৰিপ'ৰ্টাৰ, শিৱসাগৰ, ১৭ ছেপ্টেম্বৰ ঃ সমগ্ৰ দেশত পালন কৰা সেৱা সপ্তাহ উপলক্ষে শিৱসাগৰ জিলাত আজি স্বেচ্ছামূলক ৰক্তদান শিবিৰৰ আয়োজন কৰা হয়। শিৱসাগৰ অসামৰিক চিকিৎসালয়ৰ ব্লাড বেংকৰ সহযোগত অনুষ্ঠিত এই শিবিৰত বহু সংখ্যক যুৱক-যুৱতীয়ে স্বেচ্ছাই ৰক্তদান কৰে। শিবিৰখন উদ্বোধন কৰে জিলাৰ উপায়ুক্তই। উদ্বোধনী ভাষণত তেওঁ কয় যে ৰক্তদান মহাদান আৰু ইয়াৰ জৰিয়তে বহু মানুহৰ জীৱন ৰক্ষা কৰিব পাৰি। তেওঁ যুৱ প্ৰজন্মক নিয়মীয়াকৈ ৰক্তদান কৰিবলৈ আহ্বান জনায়। শিবিৰত চিকিৎসকসকলে ৰক্তদাতাসকলৰ স্বাস্থ্য পৰীক্ষা কৰে আৰু ৰক্তদানৰ গুৰুত্ব সম্পৰ্কে সজাগতা সৃষ্টি কৰে। বিভিন্ন সামাজিক সংগঠন, শৈক্ষিক প্ৰতিষ্ঠান আৰু চৰকাৰী বিভাগৰ কৰ্মচাৰীসকলেও শিবিৰত অংশগ্ৰহণ কৰে। আয়োজকসকলৰ মতে এই শিবিৰত সংগৃহীত তেজ জৰুৰীকালীন ৰোগীৰ চিকিৎসাত ব্যৱহাৰ কৰা হ'ব। সেৱা সপ্তাহৰ অংশ হিচাপে জিলাত আৰু বহু জনকল্যাণমূলক কাৰ্যসূচী গ্ৰহণ কৰা হৈছে। স্বাস্থ্য শিবিৰ, বৃক্ষৰোপণ আৰু পৰিষ্কাৰ-পৰিচ্ছন্নতা অভিযান আদিও অনুষ্ঠিত কৰা হ'ব। ৰাইজে এই উদ্যোগক স্বাগতম জনাইছে আৰু সক্ৰিয় অংশগ্ৰহণৰ আশ্বাস দিছে। জিলা প্ৰশাসনৰ বিষয়াসকলে কয় যে এনে কাৰ্যসূচীয়ে সমাজত সেৱাৰ মনোভাব জাগ্ৰত কৰে আৰু সামাজিক দায়বদ্ধতা বৃদ্ধি কৰে। শিবিৰৰ শেষত ৰক্তদাতাসকলক প্ৰমাণপত্ৰ প্ৰদান কৰি সন্মানিত কৰা হয়।
